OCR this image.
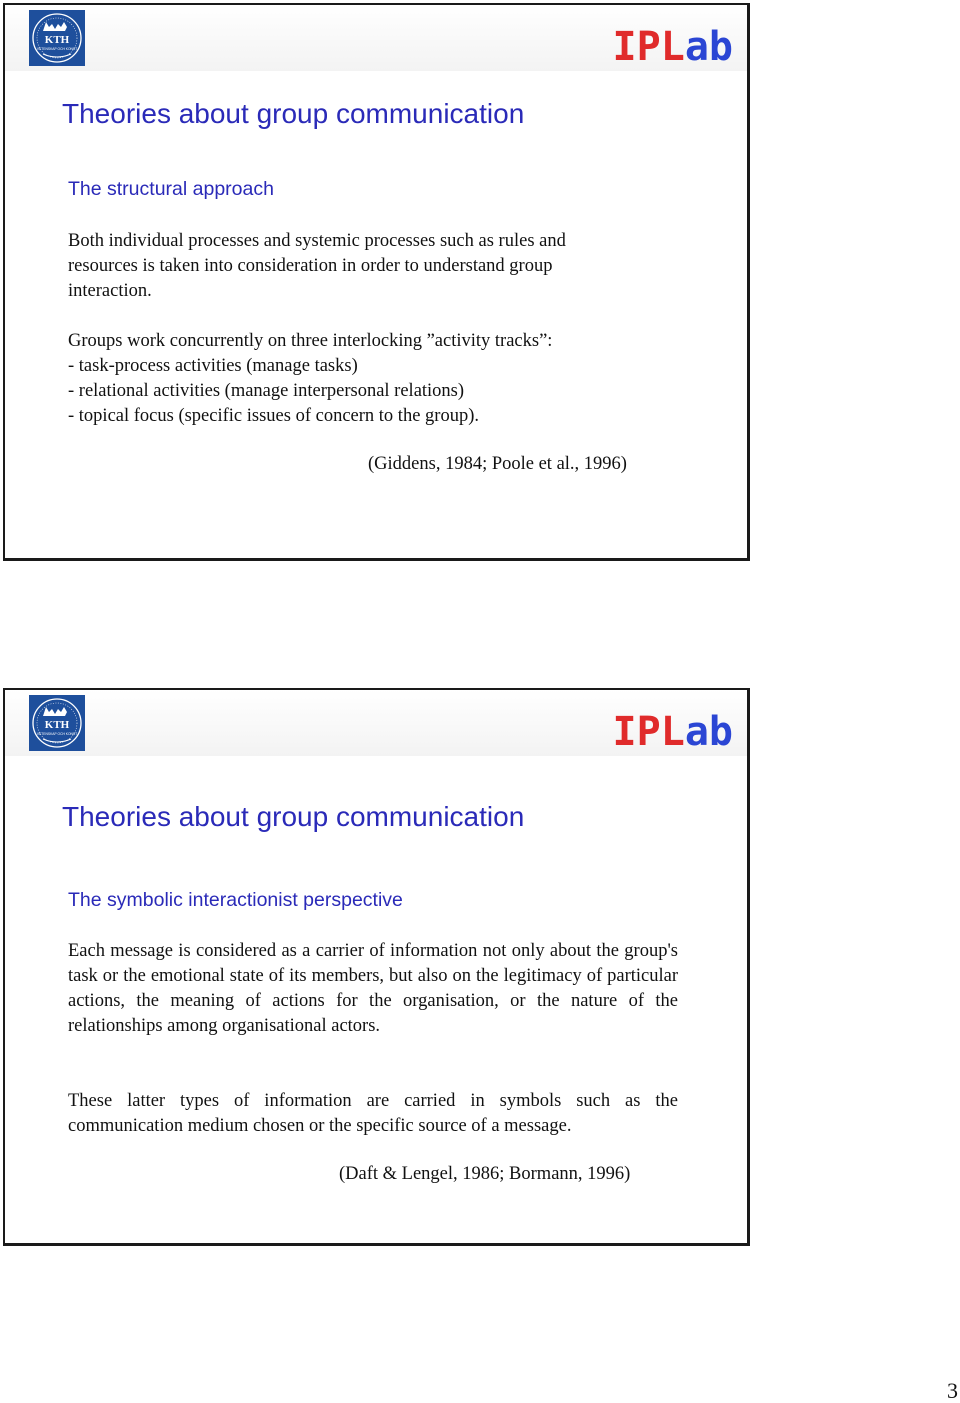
KTH
VETENSKAP OCH KONST	IPLab
Theories about group communication
The structural approach
Both individual processes and systemic processes such as rules and
resources is taken into consideration in order to understand group
interaction.
Groups work concurrently on three interlocking ”activity tracks”:
- task-process activities (manage tasks)
- relational activities (manage interpersonal relations)
- topical focus (specific issues of concern to the group).
(Giddens, 1984; Poole et al., 1996)
KTH
VETENSKAP OCH KONST	IPLab
Theories about group communication
The symbolic interactionist perspective

Each message is considered as a carrier of information not only about the group's task or the emotional state of its members, but also on the legitimacy of particular actions, the meaning of actions for the organisation, or the nature of the relationships among organisational actors.

These latter types of information are carried in symbols such as the communication medium chosen or the specific source of a message.

(Daft & Lengel, 1986; Bormann, 1996)
3
